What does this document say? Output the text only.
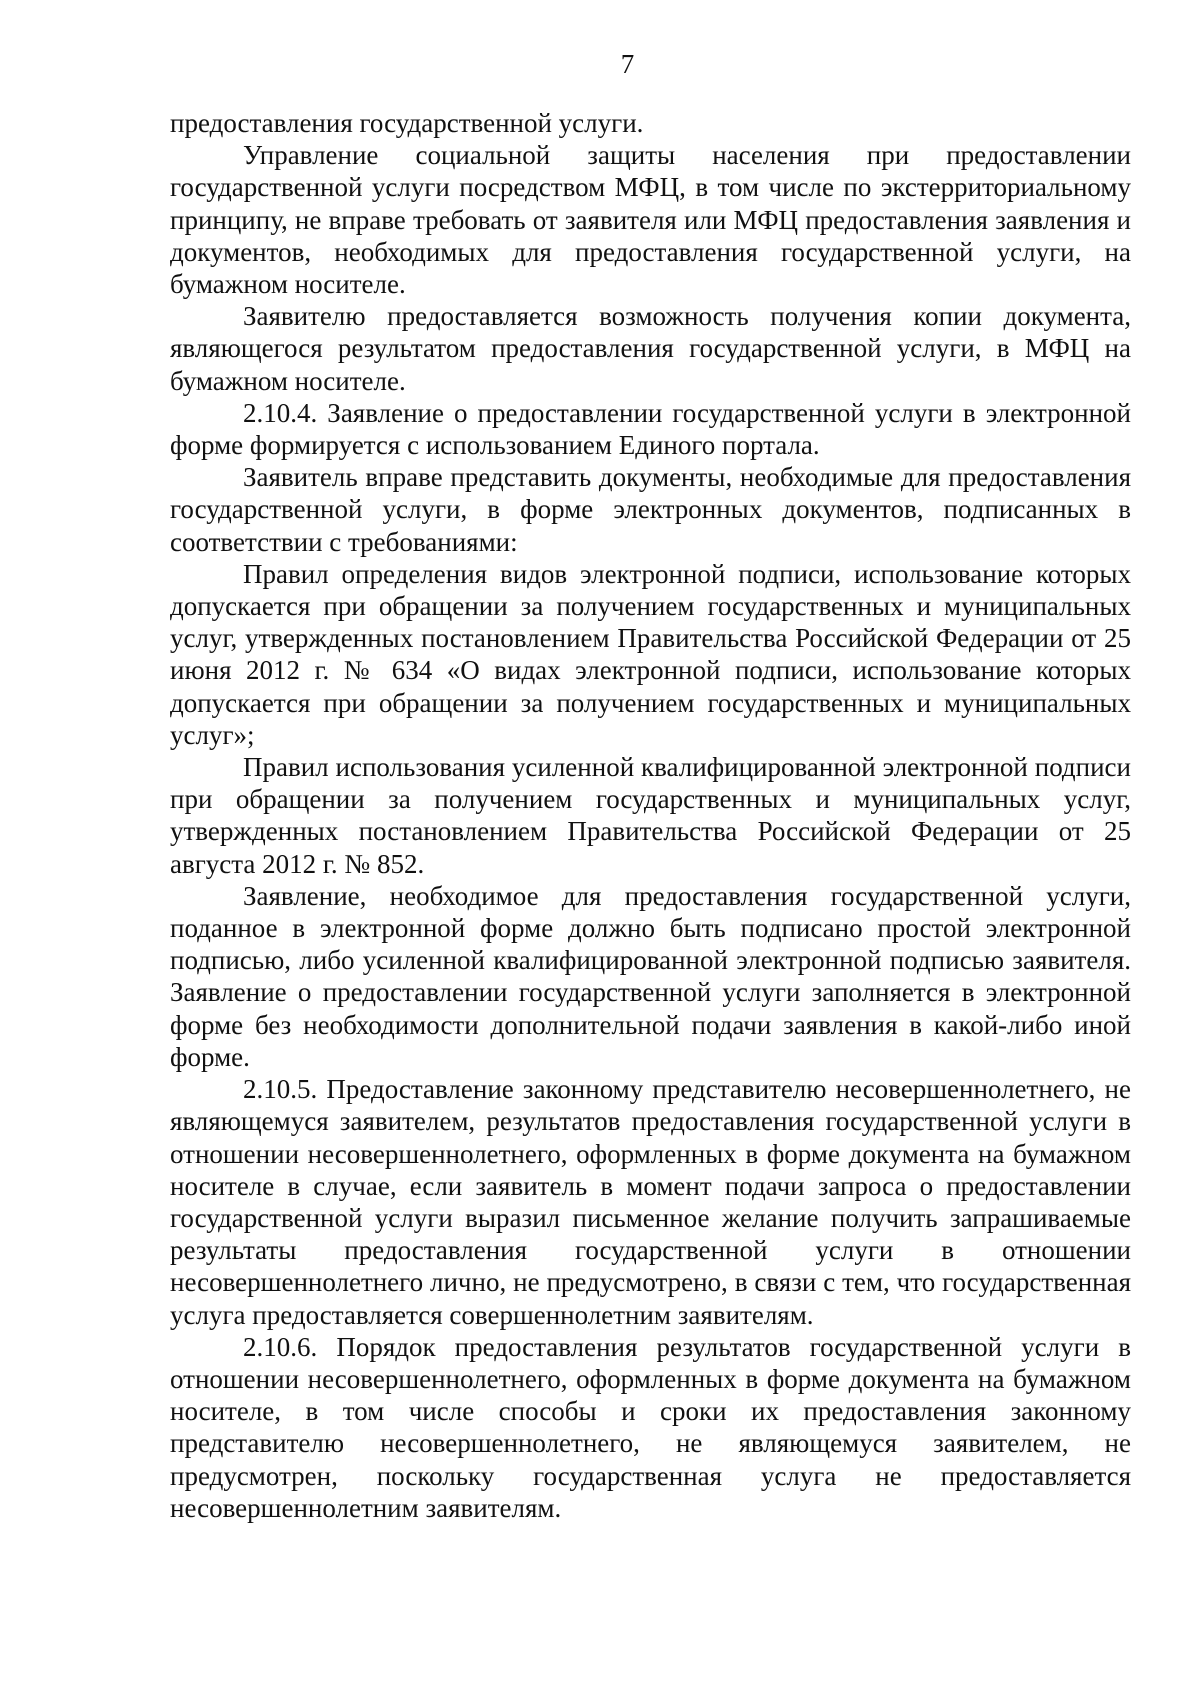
7

предоставления государственной услуги.

Управление социальной защиты населения при предоставлении государственной услуги посредством МФЦ, в том числе по экстерриториальному принципу, не вправе требовать от заявителя или МФЦ предоставления заявления и документов, необходимых для предоставления государственной услуги, на бумажном носителе.

Заявителю предоставляется возможность получения копии документа, являющегося результатом предоставления государственной услуги, в МФЦ на бумажном носителе.

2.10.4. Заявление о предоставлении государственной услуги в электронной форме формируется с использованием Единого портала.

Заявитель вправе представить документы, необходимые для предоставления государственной услуги, в форме электронных документов, подписанных в соответствии с требованиями:

Правил определения видов электронной подписи, использование которых допускается при обращении за получением государственных и муниципальных услуг, утвержденных постановлением Правительства Российской Федерации от 25 июня 2012 г. № 634 «О видах электронной подписи, использование которых допускается при обращении за получением государственных и муниципальных услуг»;

Правил использования усиленной квалифицированной электронной подписи при обращении за получением государственных и муниципальных услуг, утвержденных постановлением Правительства Российской Федерации от 25 августа 2012 г. № 852.

Заявление, необходимое для предоставления государственной услуги, поданное в электронной форме должно быть подписано простой электронной подписью, либо усиленной квалифицированной электронной подписью заявителя. Заявление о предоставлении государственной услуги заполняется в электронной форме без необходимости дополнительной подачи заявления в какой-либо иной форме.

2.10.5. Предоставление законному представителю несовершеннолетнего, не являющемуся заявителем, результатов предоставления государственной услуги в отношении несовершеннолетнего, оформленных в форме документа на бумажном носителе в случае, если заявитель в момент подачи запроса о предоставлении государственной услуги выразил письменное желание получить запрашиваемые результаты предоставления государственной услуги в отношении несовершеннолетнего лично, не предусмотрено, в связи с тем, что государственная услуга предоставляется совершеннолетним заявителям.

2.10.6. Порядок предоставления результатов государственной услуги в отношении несовершеннолетнего, оформленных в форме документа на бумажном носителе, в том числе способы и сроки их предоставления законному представителю несовершеннолетнего, не являющемуся заявителем, не предусмотрен, поскольку государственная услуга не предоставляется несовершеннолетним заявителям.
